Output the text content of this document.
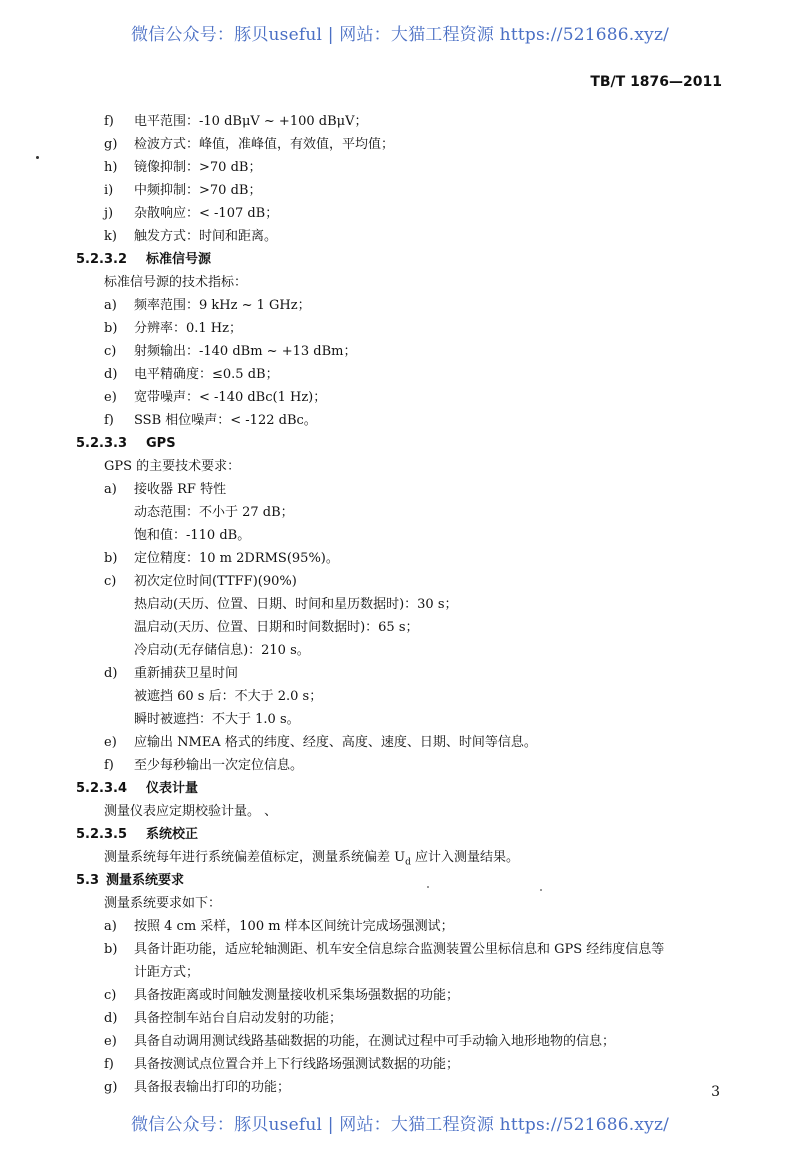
微信公众号：豚贝useful | 网站：大猫工程资源 https://521686.xyz/
TB/T 1876—2011
f) 电平范围：-10 dBμV ~ +100 dBμV；
g) 检波方式：峰值，准峰值，有效值，平均值；
h) 镜像抑制：>70 dB；
i) 中频抑制：>70 dB；
j) 杂散响应：< -107 dB；
k) 触发方式：时间和距离。
5.2.3.2 标准信号源
标准信号源的技术指标：
a) 频率范围：9 kHz ~ 1 GHz；
b) 分辨率：0.1 Hz；
c) 射频输出：-140 dBm ~ +13 dBm；
d) 电平精确度：≤0.5 dB；
e) 宽带噪声：< -140 dBc(1 Hz)；
f) SSB 相位噪声：< -122 dBc。
5.2.3.3 GPS
GPS 的主要技术要求：
a) 接收器 RF 特性
动态范围：不小于 27 dB；
饱和值：-110 dB。
b) 定位精度：10 m 2DRMS(95%)。
c) 初次定位时间(TTFF)(90%)
热启动(天历、位置、日期、时间和星历数据时)：30 s；
温启动(天历、位置、日期和时间数据时)：65 s；
冷启动(无存储信息)：210 s。
d) 重新捕获卫星时间
被遮挡 60 s 后：不大于 2.0 s；
瞬时被遮挡：不大于 1.0 s。
e) 应输出 NMEA 格式的纬度、经度、高度、速度、日期、时间等信息。
f) 至少每秒输出一次定位信息。
5.2.3.4 仪表计量
测量仪表应定期校验计量。 、
5.2.3.5 系统校正
测量系统每年进行系统偏差值标定，测量系统偏差 $U_d$ 应计入测量结果。
5.3 测量系统要求
测量系统要求如下：
a) 按照 4 cm 采样，100 m 样本区间统计完成场强测试；
b) 具备计距功能，适应轮轴测距、机车安全信息综合监测装置公里标信息和 GPS 经纬度信息等
计距方式；
c) 具备按距离或时间触发测量接收机采集场强数据的功能；
d) 具备控制车站台自启动发射的功能；
e) 具备自动调用测试线路基础数据的功能，在测试过程中可手动输入地形地物的信息；
f) 具备按测试点位置合并上下行线路场强测试数据的功能；
g) 具备报表输出打印的功能；	3
微信公众号：豚贝useful | 网站：大猫工程资源 https://521686.xyz/
